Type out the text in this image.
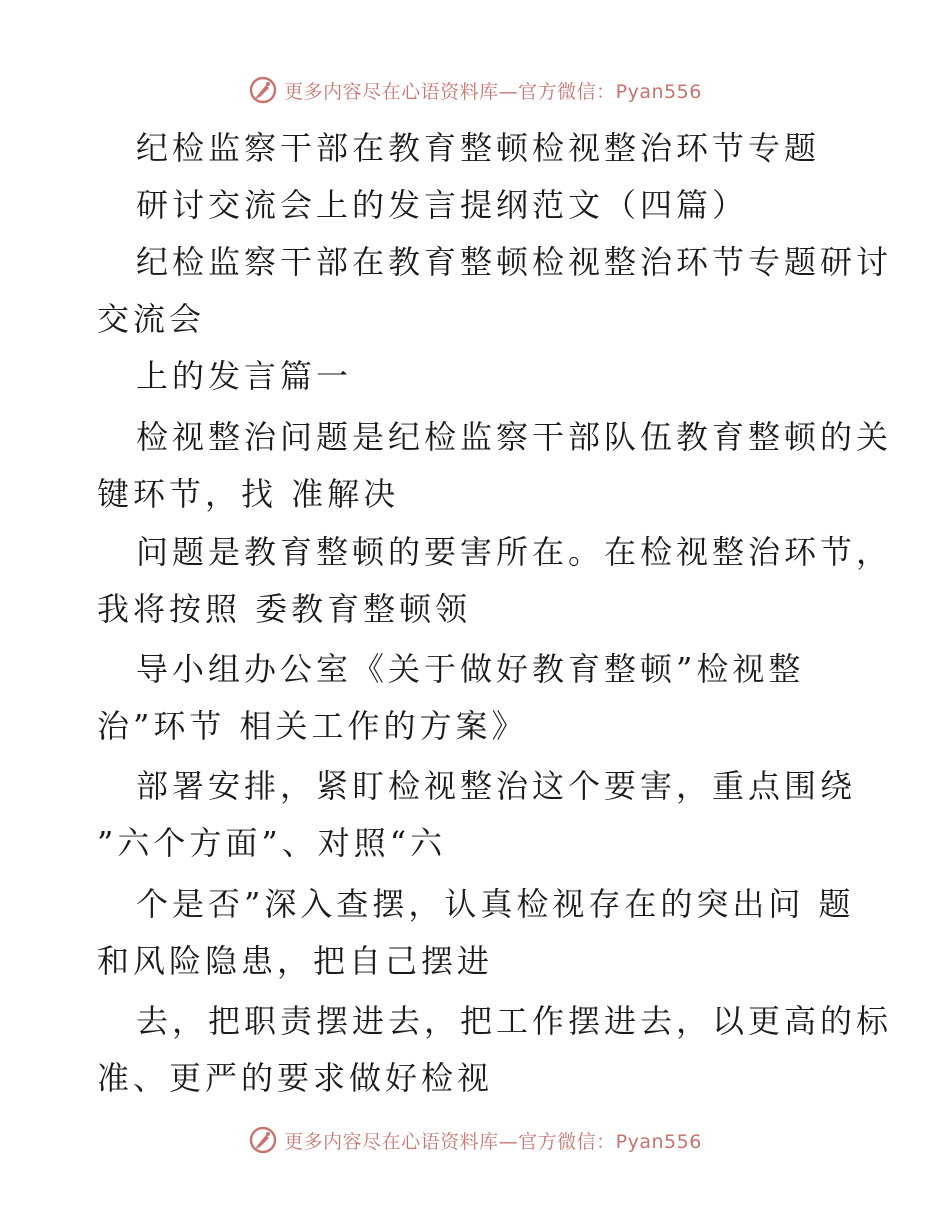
更多内容尽在心语资料库—官方微信：Pyan556
纪检监察干部在教育整顿检视整治环节专题
研讨交流会上的发言提纲范文（四篇）
纪检监察干部在教育整顿检视整治环节专题研讨
交流会
上的发言篇一
检视整治问题是纪检监察干部队伍教育整顿的关
键环节，找 准解决
问题是教育整顿的要害所在。在检视整治环节，
我将按照 委教育整顿领
导小组办公室《关于做好教育整顿”检视整
治”环节 相关工作的方案》
部署安排，紧盯检视整治这个要害，重点围绕
”六个方面”、对照“六
个是否”深入查摆，认真检视存在的突出问 题
和风险隐患，把自己摆进
去，把职责摆进去，把工作摆进去，以更高的标
准、更严的要求做好检视
更多内容尽在心语资料库—官方微信：Pyan556
